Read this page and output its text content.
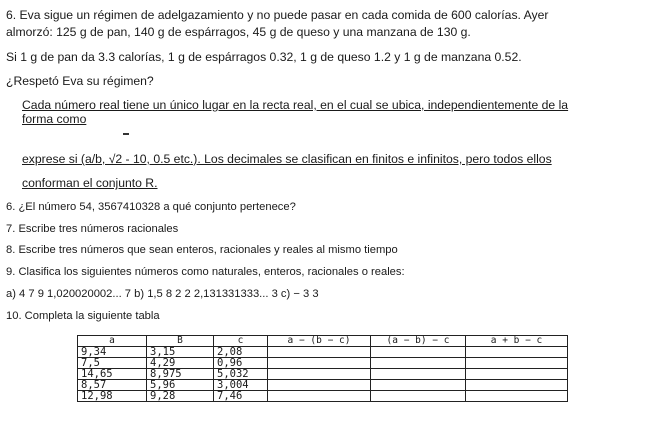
6. Eva sigue un régimen de adelgazamiento y no puede pasar en cada comida de 600 calorías. Ayer
almorzó: 125 g de pan, 140 g de espárragos, 45 g de queso y una manzana de 130 g.
Si 1 g de pan da 3.3 calorías, 1 g de espárragos 0.32, 1 g de queso 1.2 y 1 g de manzana 0.52.
¿Respetó Eva su régimen?
Cada número real tiene un único lugar en la recta real, en el cual se ubica, independientemente de la
forma como
exprese si (a/b, √2 - 10, 0.5 etc.). Los decimales se clasifican en finitos e infinitos, pero todos ellos
conforman el conjunto R.
6. ¿El número 54, 3567410328 a qué conjunto pertenece?
7. Escribe tres números racionales
8. Escribe tres números que sean enteros, racionales y reales al mismo tiempo
9. Clasifica los siguientes números como naturales, enteros, racionales o reales:
a) 4 7 9 1,020020002... 7 b) 1,5 8 2 2 2,131331333... 3 c) − 3 3
10. Completa la siguiente tabla
a	B	c	a − (b − c)	(a − b) − c	a + b − c
9,34	3,15	2,08			
7,5	4,29	0,96			
14,65	8,975	5,032			
8,57	5,96	3,004			
12,98	9,28	7,46			
